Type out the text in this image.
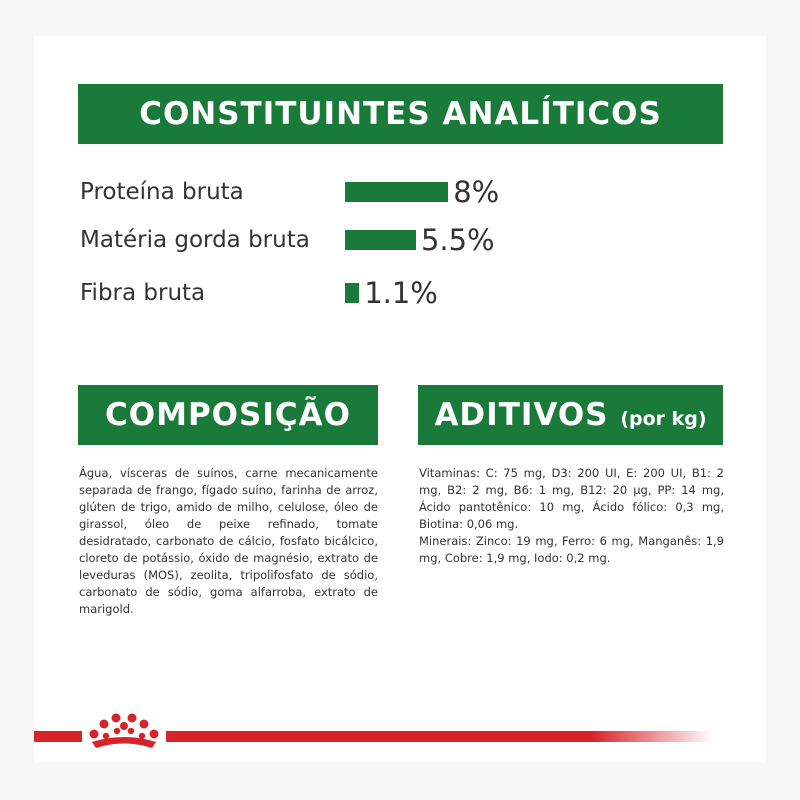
CONSTITUINTES ANALÍTICOS
Proteína bruta	8%
Matéria gorda bruta	5.5%
Fibra bruta	1.1%
COMPOSIÇÃO	ADITIVOS (por kg)
Água, vísceras de suínos, carne mecanicamente separada de frango, fígado suíno, farinha de arroz, glúten de trigo, amido de milho, celulose, óleo de girassol, óleo de peixe refinado, tomate desidratado, carbonato de cálcio, fosfato bicálcico, cloreto de potássio, óxido de magnésio, extrato de leveduras (MOS), zeolita, tripolifosfato de sódio, carbonato de sódio, goma alfarroba, extrato de marigold.

Vitaminas: C: 75 mg, D3: 200 UI, E: 200 UI, B1: 2 mg, B2: 2 mg, B6: 1 mg, B12: 20 µg, PP: 14 mg, Ácido pantotênico: 10 mg, Ácido fólico: 0,3 mg, Biotina: 0,06 mg.

Minerais: Zinco: 19 mg, Ferro: 6 mg, Manganês: 1,9 mg, Cobre: 1,9 mg, Iodo: 0,2 mg.
